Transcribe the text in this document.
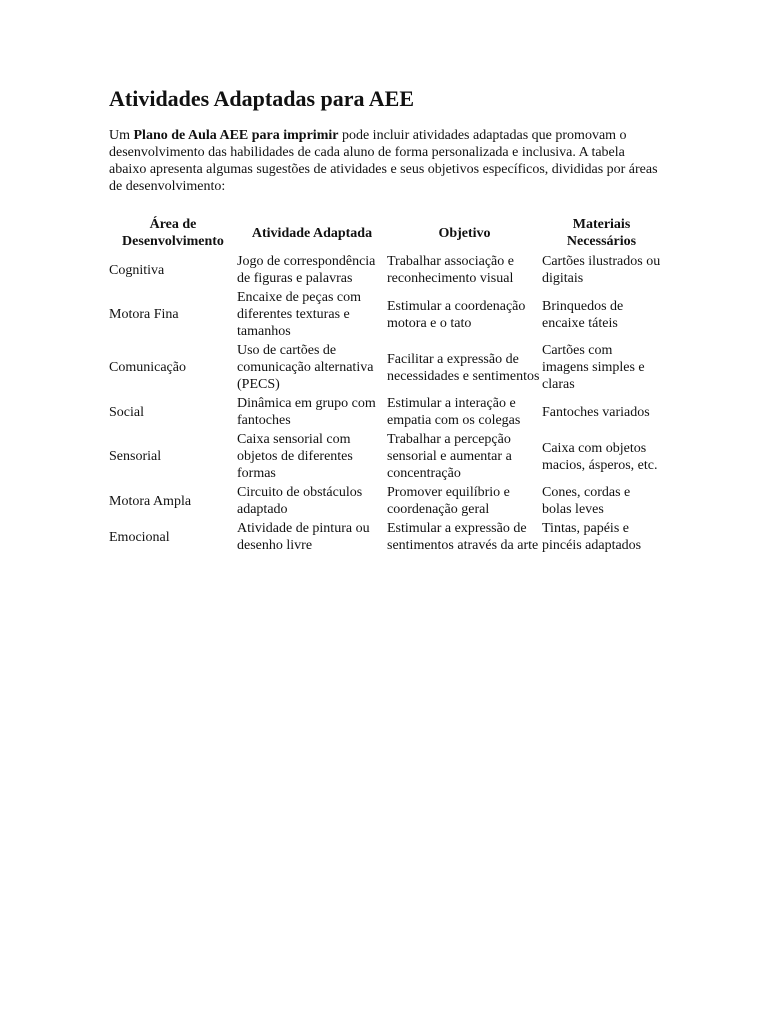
Atividades Adaptadas para AEE

Um Plano de Aula AEE para imprimir pode incluir atividades adaptadas que promovam o desenvolvimento das habilidades de cada aluno de forma personalizada e inclusiva. A tabela abaixo apresenta algumas sugestões de atividades e seus objetivos específicos, divididas por áreas de desenvolvimento:

Área de Desenvolvimento	Atividade Adaptada	Objetivo	Materiais Necessários
Cognitiva	Jogo de correspondência de figuras e palavras	Trabalhar associação e reconhecimento visual	Cartões ilustrados ou digitais
Motora Fina	Encaixe de peças com diferentes texturas e tamanhos	Estimular a coordenação motora e o tato	Brinquedos de encaixe táteis
Comunicação	Uso de cartões de comunicação alternativa (PECS)	Facilitar a expressão de necessidades e sentimentos	Cartões com imagens simples e claras
Social	Dinâmica em grupo com fantoches	Estimular a interação e empatia com os colegas	Fantoches variados
Sensorial	Caixa sensorial com objetos de diferentes formas	Trabalhar a percepção sensorial e aumentar a concentração	Caixa com objetos macios, ásperos, etc.
Motora Ampla	Circuito de obstáculos adaptado	Promover equilíbrio e coordenação geral	Cones, cordas e bolas leves
Emocional	Atividade de pintura ou desenho livre	Estimular a expressão de sentimentos através da arte	Tintas, papéis e pincéis adaptados
